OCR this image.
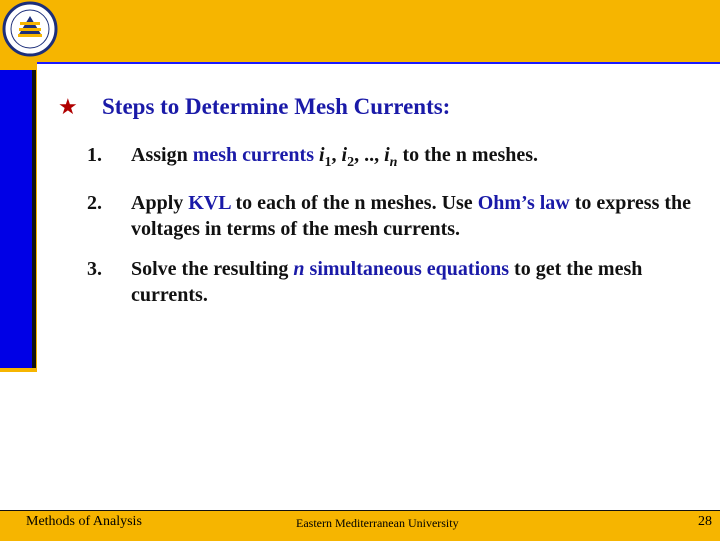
★	Steps to Determine Mesh Currents:
1.	Assign mesh currents $i_1$, $i_2$, .., $i_n$ to the n meshes.
2.	Apply KVL to each of the n meshes. Use Ohm’s law to express the voltages in terms of the mesh currents.
3.	Solve the resulting n simultaneous equations to get the mesh currents.
Methods of Analysis	Eastern Mediterranean University	28
